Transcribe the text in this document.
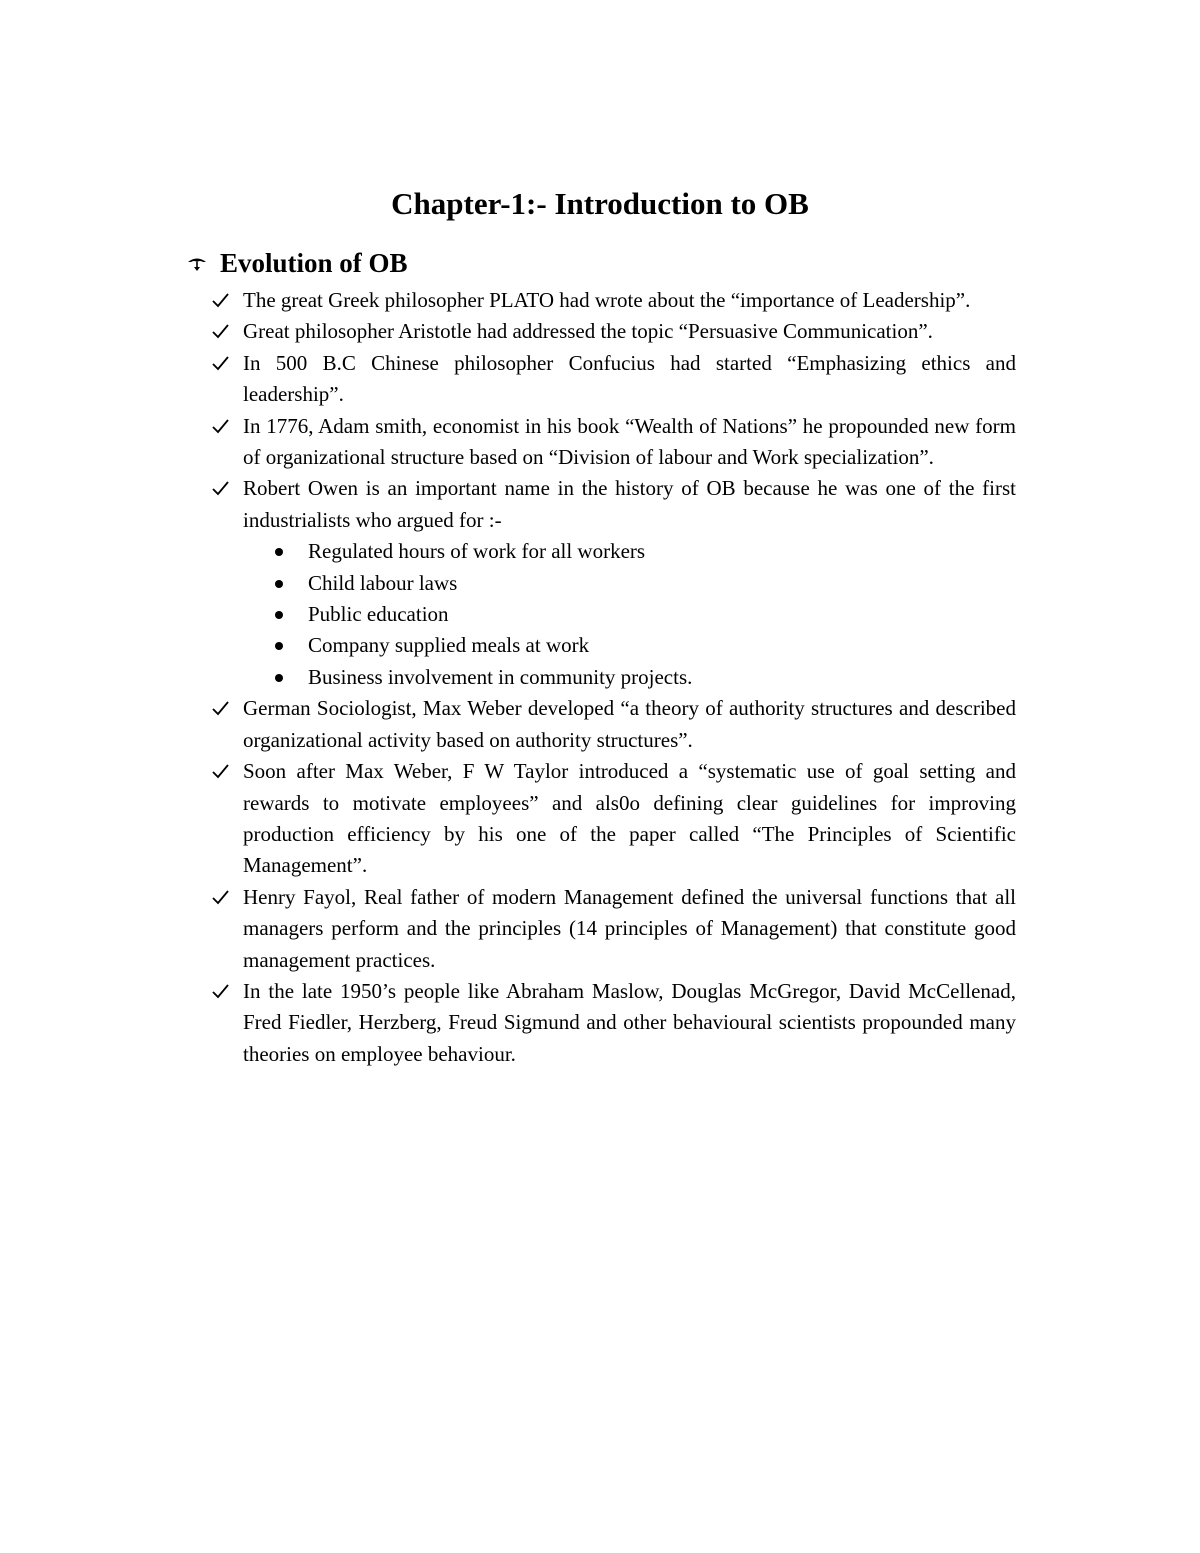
Chapter-1:- Introduction to OB
Evolution of OB
The great Greek philosopher PLATO had wrote about the “importance of Leadership”.
Great philosopher Aristotle had addressed the topic “Persuasive Communication”.
In 500 B.C Chinese philosopher Confucius had started “Emphasizing ethics and leadership”.
In 1776, Adam smith, economist in his book “Wealth of Nations” he propounded new form of organizational structure based on “Division of labour and Work specialization”.
Robert Owen is an important name in the history of OB because he was one of the first industrialists who argued for :-
Regulated hours of work for all workers
Child labour laws
Public education
Company supplied meals at work
Business involvement in community projects.
German Sociologist, Max Weber developed “a theory of authority structures and described organizational activity based on authority structures”.
Soon after Max Weber, F W Taylor introduced a “systematic use of goal setting and rewards to motivate employees” and als0o defining clear guidelines for improving production efficiency by his one of the paper called “The Principles of Scientific Management”.
Henry Fayol, Real father of modern Management defined the universal functions that all managers perform and the principles (14 principles of Management) that constitute good management practices.
In the late 1950’s people like Abraham Maslow, Douglas McGregor, David McCellenad, Fred Fiedler, Herzberg, Freud Sigmund and other behavioural scientists propounded many theories on employee behaviour.
